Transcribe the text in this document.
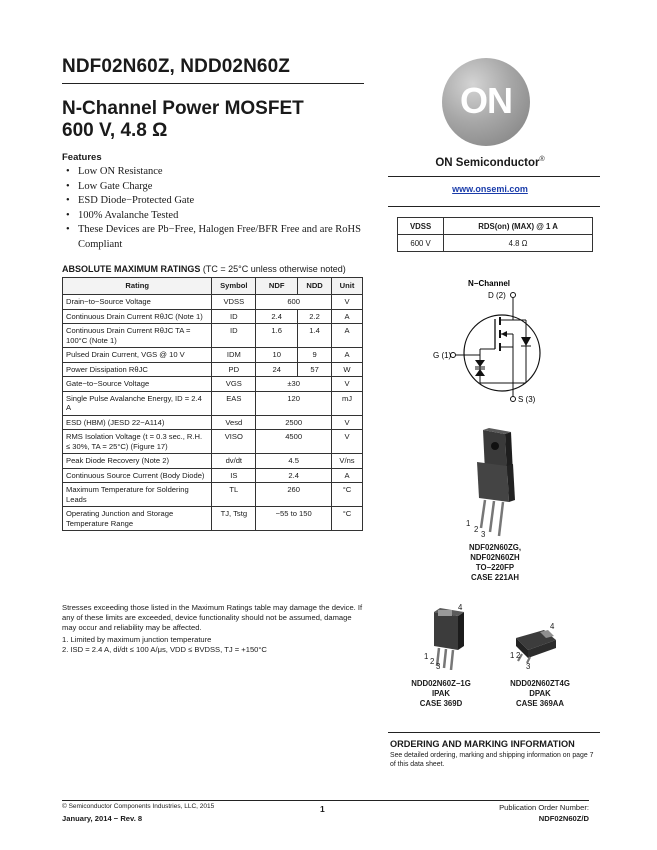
NDF02N60Z, NDD02N60Z
N-Channel Power MOSFET
600 V, 4.8 Ω
Features
• Low ON Resistance
• Low Gate Charge
• ESD Diode−Protected Gate
• 100% Avalanche Tested
• These Devices are Pb−Free, Halogen Free/BFR Free and are RoHS Compliant
ABSOLUTE MAXIMUM RATINGS (TC = 25°C unless otherwise noted)
Rating	Symbol	NDF	NDD	Unit
Drain−to−Source Voltage	VDSS	600		V
Continuous Drain Current RθJC (Note 1)	ID	2.4	2.2	A
Continuous Drain Current RθJC TA = 100°C (Note 1)	ID	1.6	1.4	A
Pulsed Drain Current, VGS @ 10 V	IDM	10	9	A
Power Dissipation RθJC	PD	24	57	W
Gate−to−Source Voltage	VGS	±30		V
Single Pulse Avalanche Energy, ID = 2.4 A	EAS	120		mJ
ESD (HBM) (JESD 22−A114)	Vesd	2500		V
RMS Isolation Voltage (t = 0.3 sec., R.H. ≤ 30%, TA = 25°C) (Figure 17)	VISO	4500		V
Peak Diode Recovery (Note 2)	dv/dt	4.5		V/ns
Continuous Source Current (Body Diode)	IS	2.4		A
Maximum Temperature for Soldering Leads	TL	260		°C
Operating Junction and Storage Temperature Range	TJ, Tstg	−55 to 150		°C

Stresses exceeding those listed in the Maximum Ratings table may damage the device. If any of these limits are exceeded, device functionality should not be assumed, damage may occur and reliability may be affected.

1. Limited by maximum junction temperature

2. ISD = 2.4 A, di/dt ≤ 100 A/μs, VDD ≤ BVDSS, TJ = +150°C

ON
ON Semiconductor®
www.onsemi.com
VDSS	RDS(on) (MAX) @ 1 A
600 V	4.8 Ω
N−Channel
D (2)
S (3)
G (1)
1
2
3
NDF02N60ZG,
NDF02N60ZH
TO−220FP
CASE 221AH
4
1
2
3
NDD02N60Z−1G
IPAK
CASE 369D
4
1 2
3
NDD02N60ZT4G
DPAK
CASE 369AA
ORDERING AND MARKING INFORMATION
See detailed ordering, marking and shipping information on page 7 of this data sheet.
© Semiconductor Components Industries, LLC, 2015
January, 2014 − Rev. 8
1	Publication Order Number:
NDF02N60Z/D
